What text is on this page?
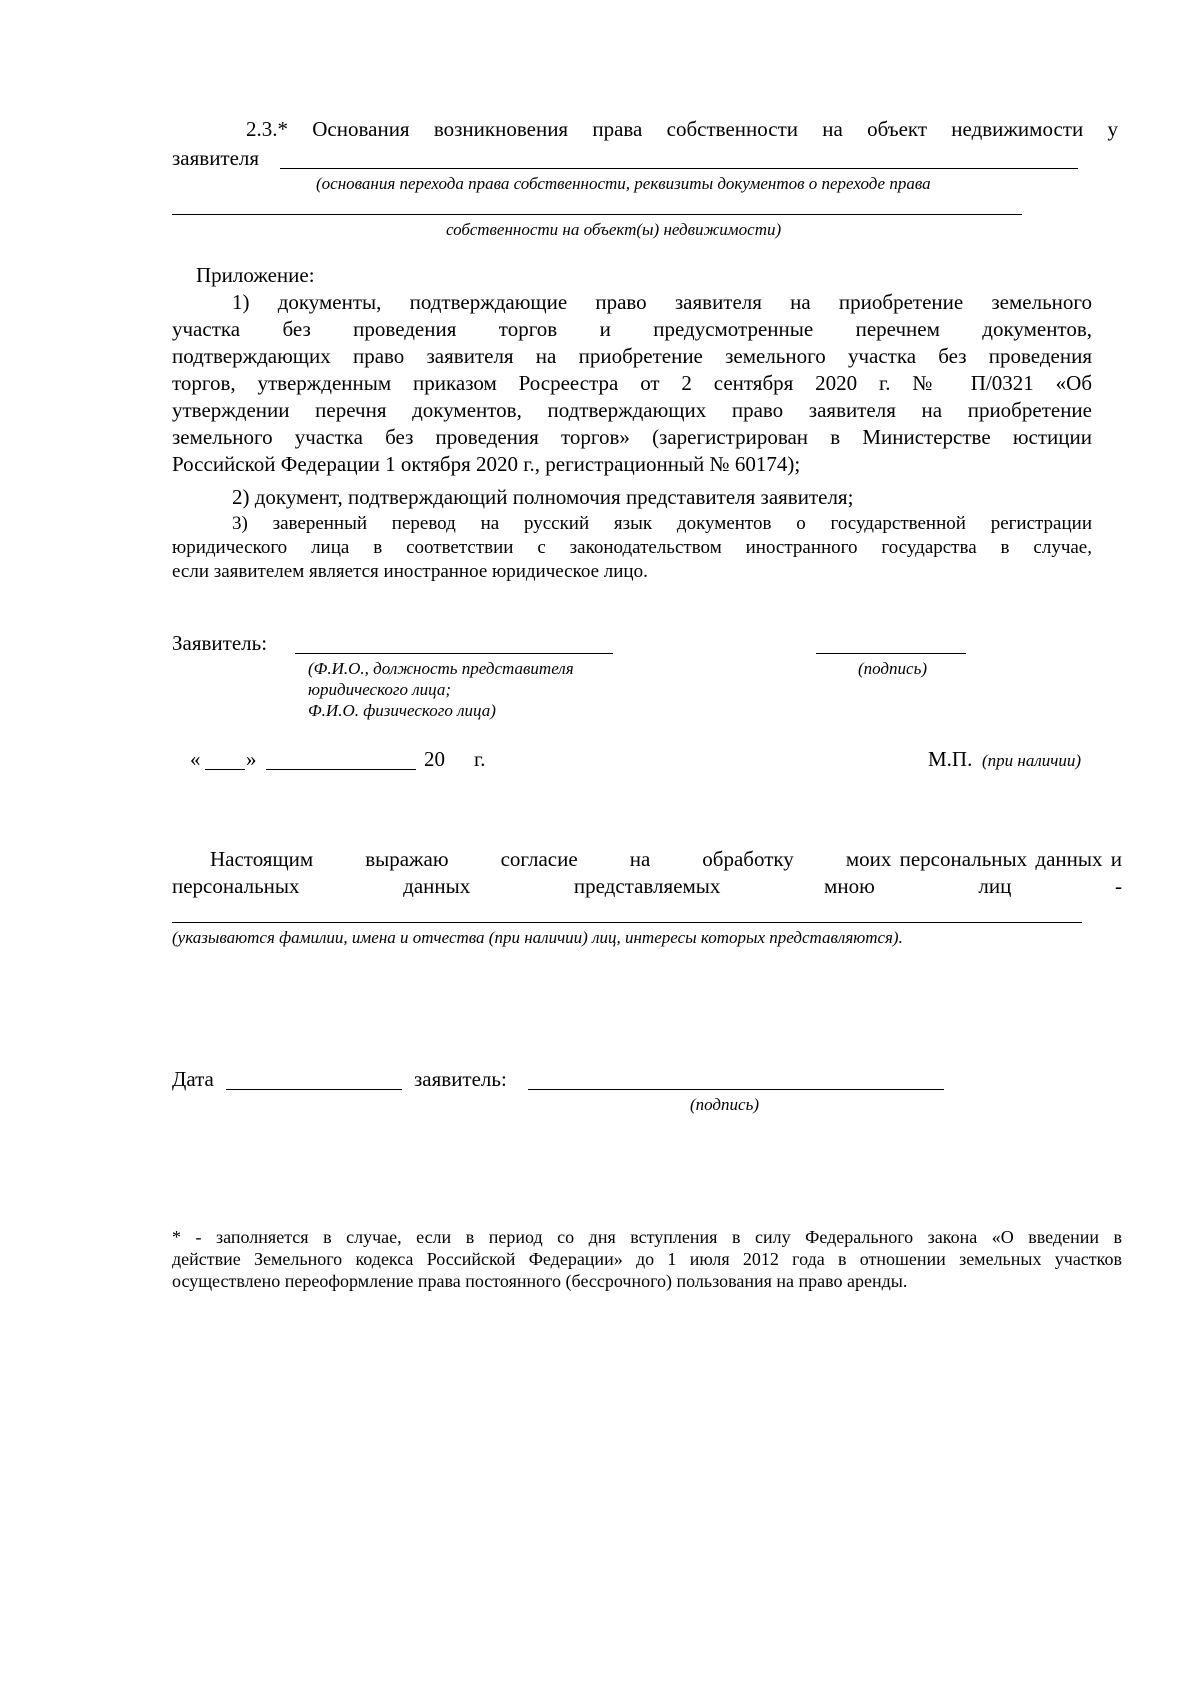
2.3.* Основания возникновения права собственности на объект недвижимости у
заявителя
(основания перехода права собственности, реквизиты документов о переходе права
собственности на объект(ы) недвижимости)
Приложение:
1) документы, подтверждающие право заявителя на приобретение земельного
участка без проведения торгов и предусмотренные перечнем документов,
подтверждающих право заявителя на приобретение земельного участка без проведения
торгов, утвержденным приказом Росреестра от 2 сентября 2020 г. № П/0321 «Об
утверждении перечня документов, подтверждающих право заявителя на приобретение
земельного участка без проведения торгов» (зарегистрирован в Министерстве юстиции
Российской Федерации 1 октября 2020 г., регистрационный № 60174);
2) документ, подтверждающий полномочия представителя заявителя;
3) заверенный перевод на русский язык документов о государственной регистрации
юридического лица в соответствии с законодательством иностранного государства в случае,
если заявителем является иностранное юридическое лицо.
Заявитель:
(Ф.И.О., должность представителя
юридического лица;
Ф.И.О. физического лица)
(подпись)
« »	20 г.	М.П. (при наличии)
Настоящим выражаю согласие на обработку моих персональных данных и
персональных	данных	представляемых	мною	лиц	-
(указываются фамилии, имена и отчества (при наличии) лиц, интересы которых представляются).
Дата	заявитель:
(подпись)
* - заполняется в случае, если в период со дня вступления в силу Федерального закона «О введении в
действие Земельного кодекса Российской Федерации» до 1 июля 2012 года в отношении земельных участков
осуществлено переоформление права постоянного (бессрочного) пользования на право аренды.
